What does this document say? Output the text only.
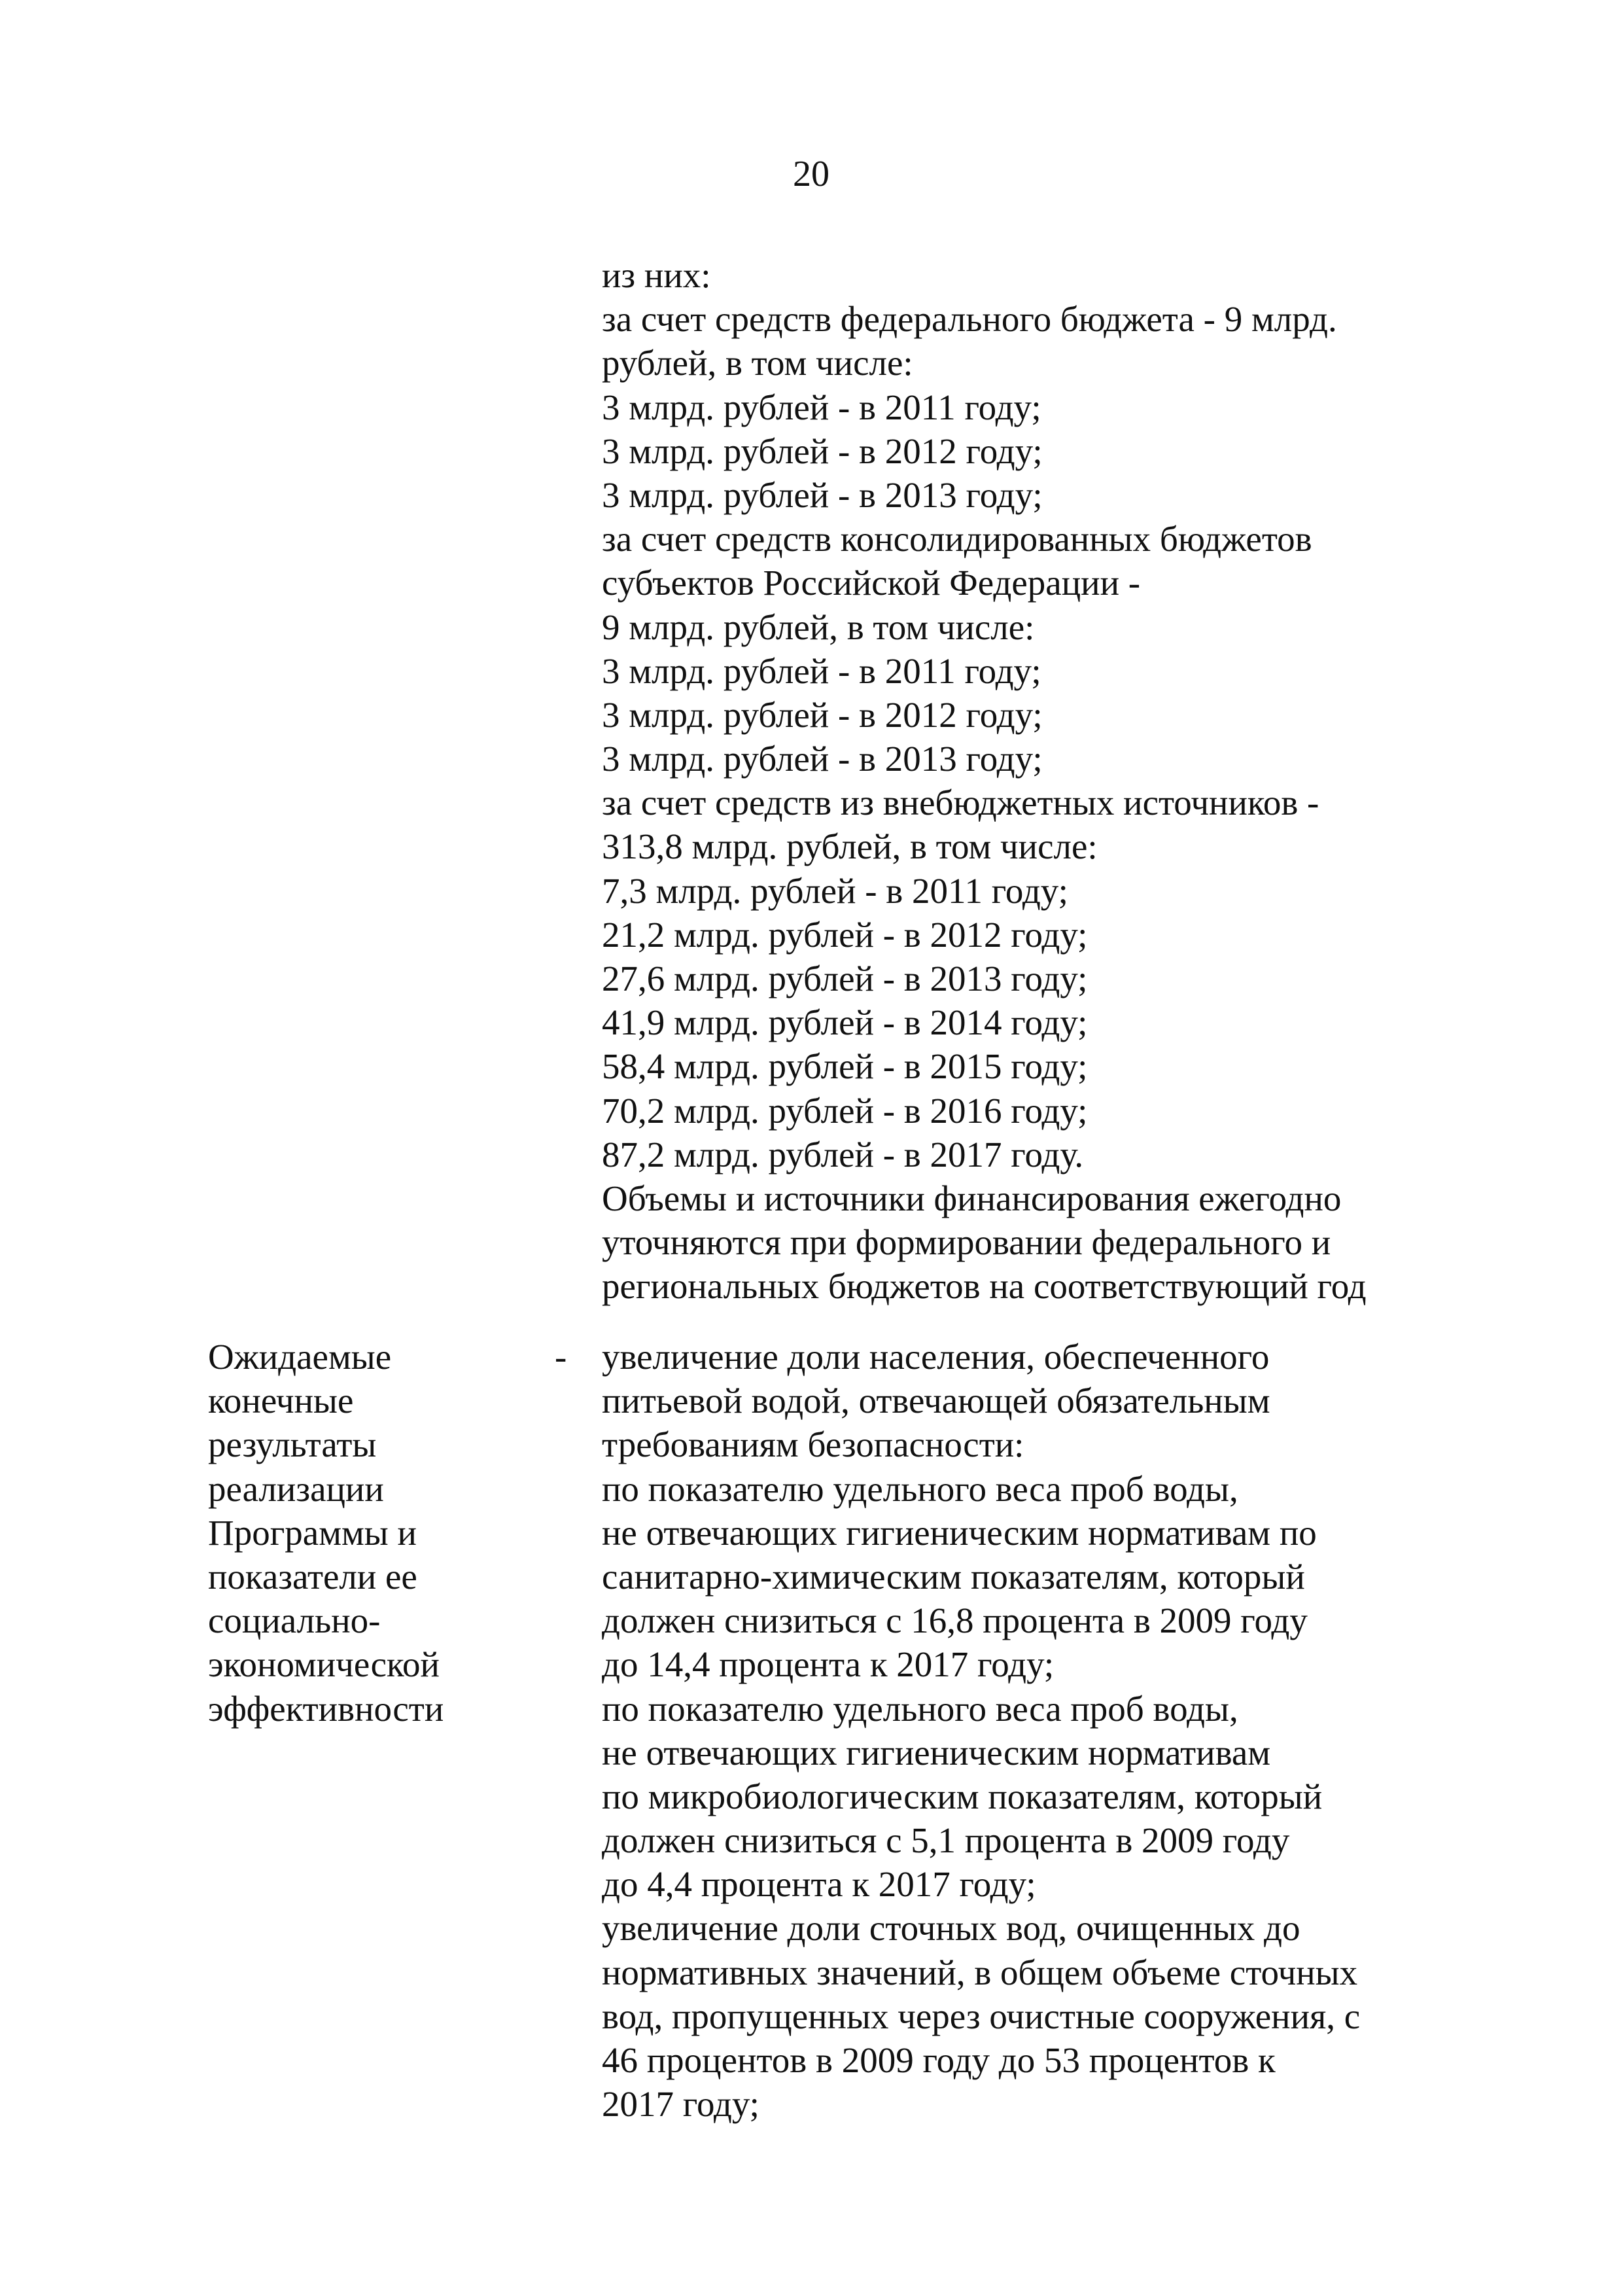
20
из них:
за счет средств федерального бюджета - 9 млрд.
рублей, в том числе:
3 млрд. рублей - в 2011 году;
3 млрд. рублей - в 2012 году;
3 млрд. рублей - в 2013 году;
за счет средств консолидированных бюджетов
субъектов Российской Федерации -
9 млрд. рублей, в том числе:
3 млрд. рублей - в 2011 году;
3 млрд. рублей - в 2012 году;
3 млрд. рублей - в 2013 году;
за счет средств из внебюджетных источников -
313,8 млрд. рублей, в том числе:
7,3 млрд. рублей - в 2011 году;
21,2 млрд. рублей - в 2012 году;
27,6 млрд. рублей - в 2013 году;
41,9 млрд. рублей - в 2014 году;
58,4 млрд. рублей - в 2015 году;
70,2 млрд. рублей - в 2016 году;
87,2 млрд. рублей - в 2017 году.
Объемы и источники финансирования ежегодно
уточняются при формировании федерального и
региональных бюджетов на соответствующий год
Ожидаемые
конечные
результаты
реализации
Программы и
показатели ее
социально-
экономической
эффективности
- увеличение доли населения, обеспеченного
питьевой водой, отвечающей обязательным
требованиям безопасности:
по показателю удельного веса проб воды,
не отвечающих гигиеническим нормативам по
санитарно-химическим показателям, который
должен снизиться с 16,8 процента в 2009 году
до 14,4 процента к 2017 году;
по показателю удельного веса проб воды,
не отвечающих гигиеническим нормативам
по микробиологическим показателям, который
должен снизиться с 5,1 процента в 2009 году
до 4,4 процента к 2017 году;
увеличение доли сточных вод, очищенных до
нормативных значений, в общем объеме сточных
вод, пропущенных через очистные сооружения, с
46 процентов в 2009 году до 53 процентов к
2017 году;
